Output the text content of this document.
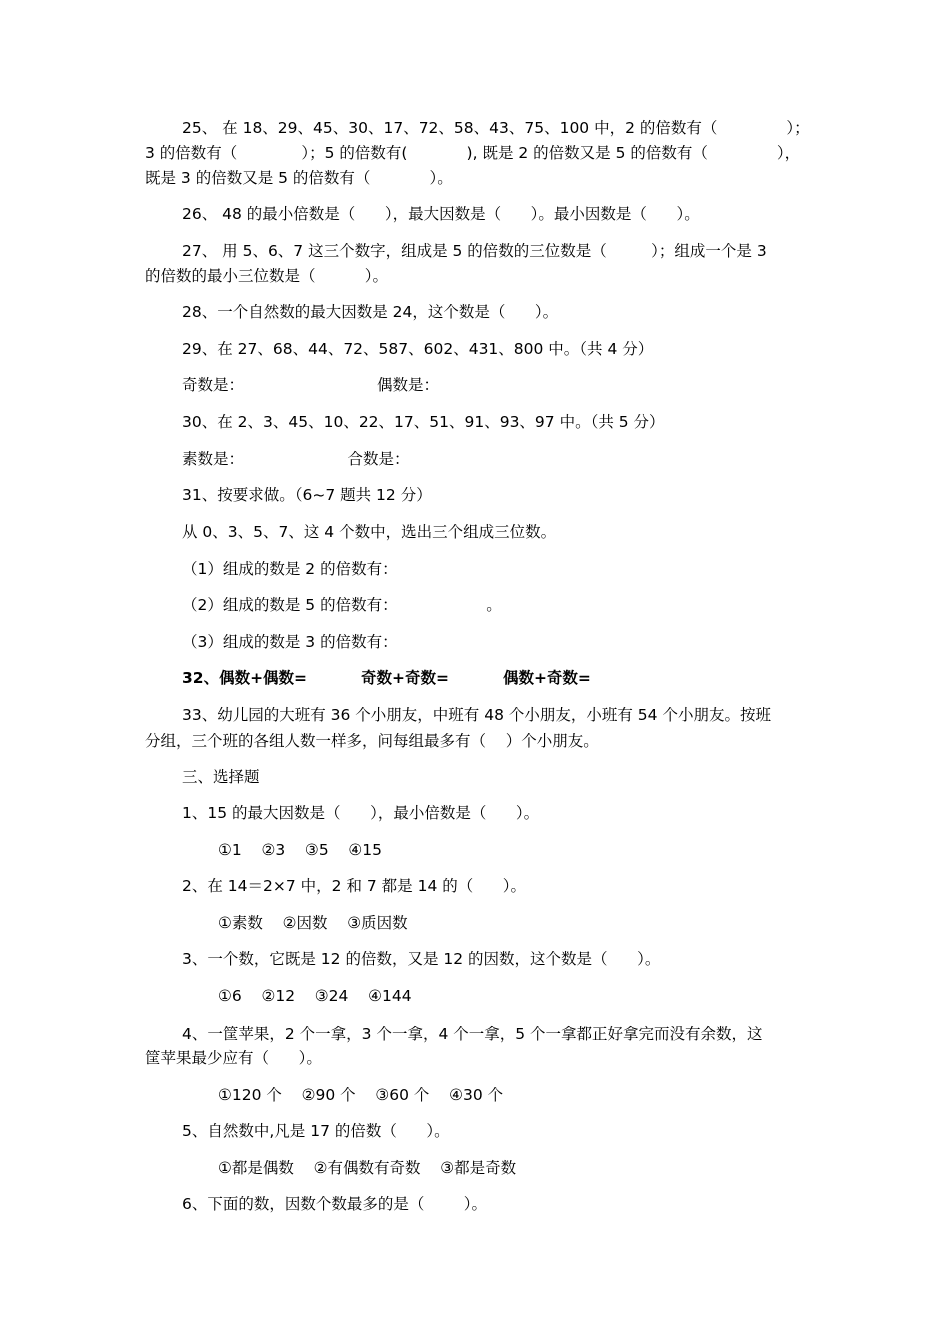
25、 在 18、29、45、30、17、72、58、43、75、100 中，2 的倍数有（              ）；
3 的倍数有（             ）；5 的倍数有(            ), 既是 2 的倍数又是 5 的倍数有（              ），
既是 3 的倍数又是 5 的倍数有（            ）。
26、 48 的最小倍数是（      ），最大因数是（      ）。最小因数是（      ）。
27、 用 5、6、7 这三个数字，组成是 5 的倍数的三位数是（         ）；组成一个是 3
的倍数的最小三位数是（          ）。
28、一个自然数的最大因数是 24，这个数是（      ）。
29、在 27、68、44、72、587、602、431、800 中。（共 4 分）
奇数是：                           偶数是：
30、在 2、3、45、10、22、17、51、91、93、97 中。（共 5 分）
素数是：                     合数是：
31、按要求做。（6~7 题共 12 分）
从 0、3、5、7、这 4 个数中，选出三个组成三位数。
（1）组成的数是 2 的倍数有：
（2）组成的数是 5 的倍数有：                  。
（3）组成的数是 3 的倍数有：
32、偶数+偶数=          奇数+奇数=          偶数+奇数=
33、幼儿园的大班有 36 个小朋友，中班有 48 个小朋友，小班有 54 个小朋友。按班
分组，三个班的各组人数一样多，问每组最多有（    ）个小朋友。
三、选择题
1、15 的最大因数是（      ），最小倍数是（      ）。
①1    ②3    ③5    ④15
2、在 14＝2×7 中，2 和 7 都是 14 的（      ）。
①素数    ②因数    ③质因数
3、一个数，它既是 12 的倍数，又是 12 的因数，这个数是（      ）。
①6    ②12    ③24    ④144
4、一筐苹果，2 个一拿，3 个一拿，4 个一拿，5 个一拿都正好拿完而没有余数，这
筐苹果最少应有（      ）。
①120 个    ②90 个    ③60 个    ④30 个
5、自然数中,凡是 17 的倍数（      ）。
①都是偶数    ②有偶数有奇数    ③都是奇数
6、下面的数，因数个数最多的是（        ）。
